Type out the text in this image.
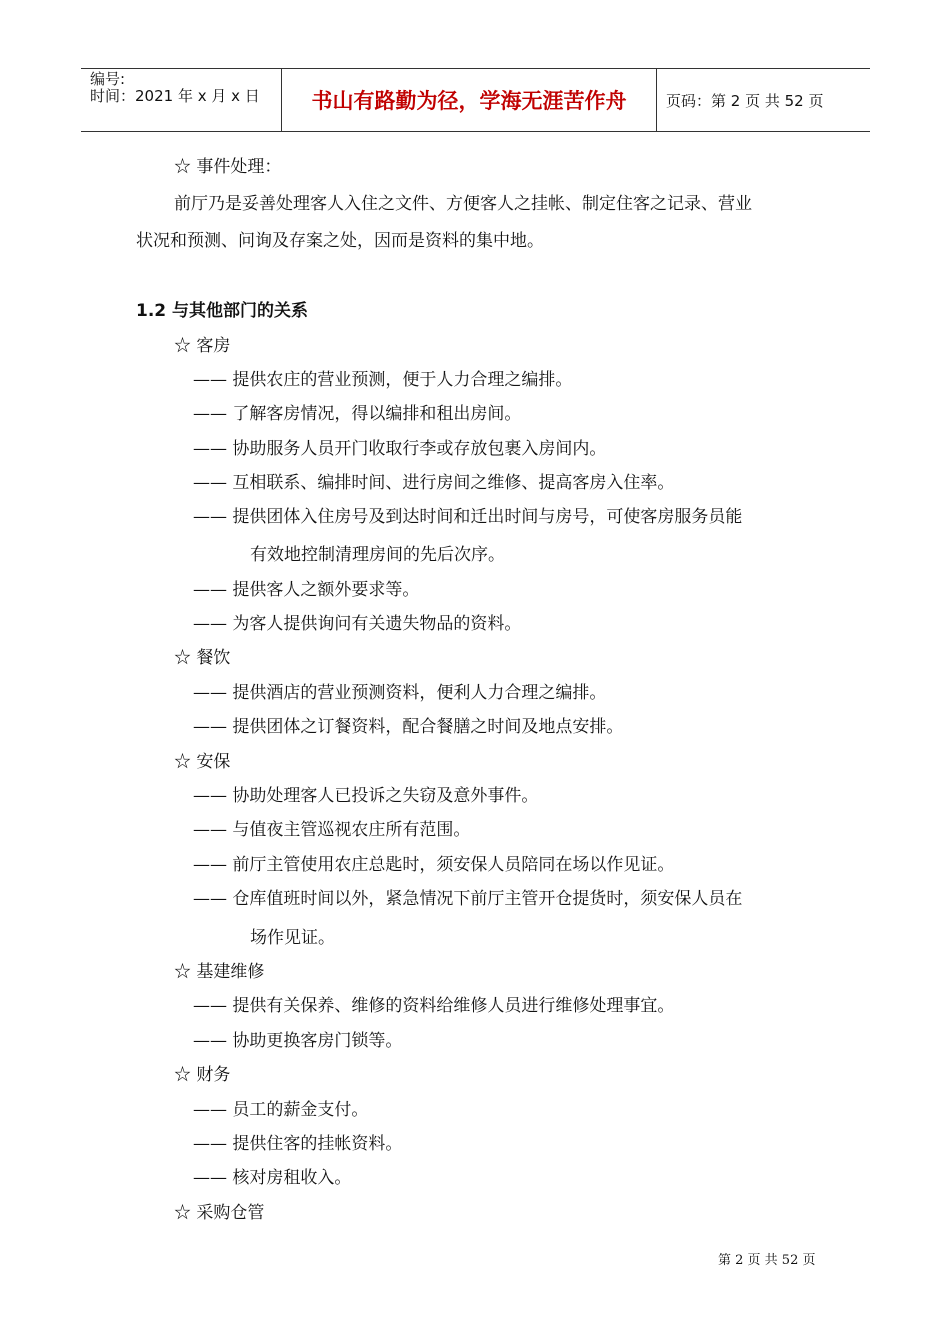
编号:
时间：2021 年 x 月 x 日	书山有路勤为径，学海无涯苦作舟	页码：第 2 页 共 52 页
☆ 事件处理：
前厅乃是妥善处理客人入住之文件、方便客人之挂帐、制定住客之记录、营业
状况和预测、问询及存案之处，因而是资料的集中地。
1.2 与其他部门的关系
☆ 客房
—— 提供农庄的营业预测，便于人力合理之编排。
—— 了解客房情况，得以编排和租出房间。
—— 协助服务人员开门收取行李或存放包裹入房间内。
—— 互相联系、编排时间、进行房间之维修、提高客房入住率。
—— 提供团体入住房号及到达时间和迁出时间与房号，可使客房服务员能
有效地控制清理房间的先后次序。
—— 提供客人之额外要求等。
—— 为客人提供询问有关遗失物品的资料。
☆ 餐饮
—— 提供酒店的营业预测资料，便利人力合理之编排。
—— 提供团体之订餐资料，配合餐膳之时间及地点安排。
☆ 安保
—— 协助处理客人已投诉之失窃及意外事件。
—— 与值夜主管巡视农庄所有范围。
—— 前厅主管使用农庄总匙时，须安保人员陪同在场以作见证。
—— 仓库值班时间以外，紧急情况下前厅主管开仓提货时，须安保人员在
场作见证。
☆ 基建维修
—— 提供有关保养、维修的资料给维修人员进行维修处理事宜。
—— 协助更换客房门锁等。
☆ 财务
—— 员工的薪金支付。
—— 提供住客的挂帐资料。
—— 核对房租收入。
☆ 采购仓管
第 2 页 共 52 页
